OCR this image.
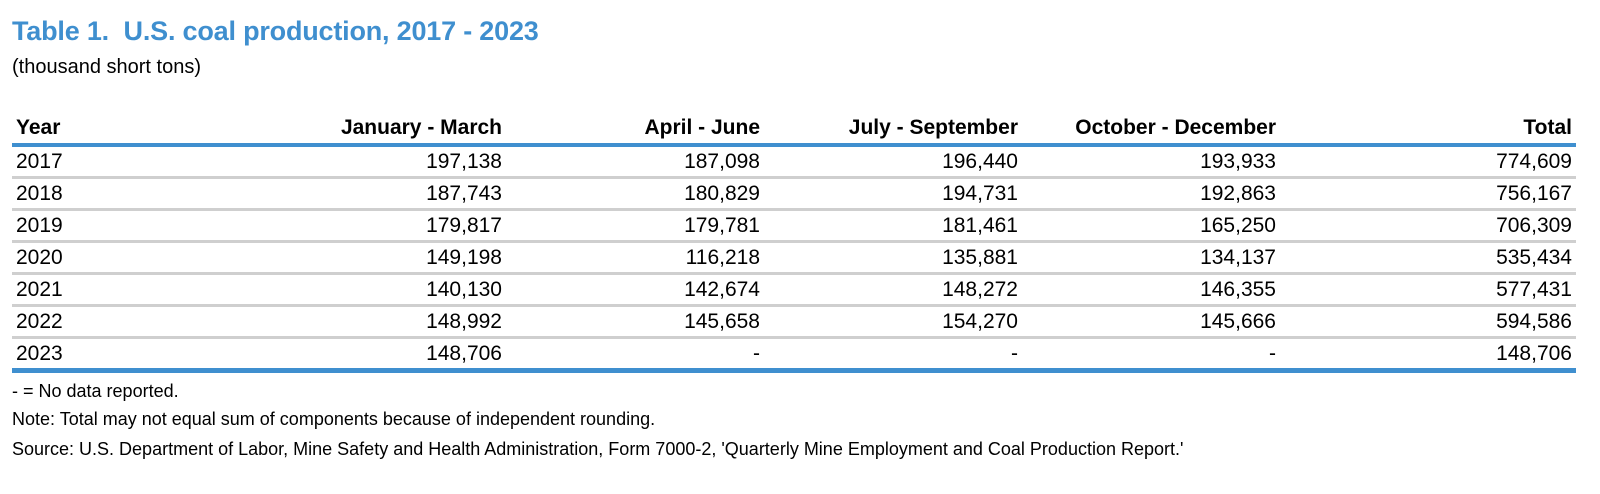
Table 1.  U.S. coal production, 2017 - 2023
(thousand short tons)
Year	January - March	April - June	July - September	October - December	Total
2017	197,138	187,098	196,440	193,933	774,609
2018	187,743	180,829	194,731	192,863	756,167
2019	179,817	179,781	181,461	165,250	706,309
2020	149,198	116,218	135,881	134,137	535,434
2021	140,130	142,674	148,272	146,355	577,431
2022	148,992	145,658	154,270	145,666	594,586
2023	148,706	-	-	-	148,706
- = No data reported.
Note: Total may not equal sum of components because of independent rounding.
Source: U.S. Department of Labor, Mine Safety and Health Administration, Form 7000-2, 'Quarterly Mine Employment and Coal Production Report.'
